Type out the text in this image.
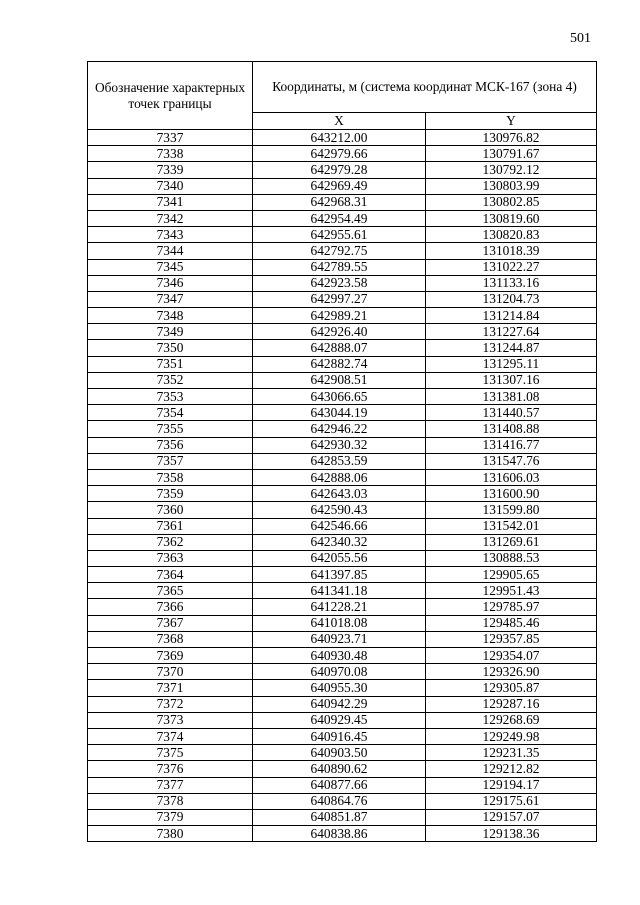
501
Обозначение характерных точек границы	Координаты, м (система координат МСК-167 (зона 4)	
	X	Y
7337	643212.00	130976.82
7338	642979.66	130791.67
7339	642979.28	130792.12
7340	642969.49	130803.99
7341	642968.31	130802.85
7342	642954.49	130819.60
7343	642955.61	130820.83
7344	642792.75	131018.39
7345	642789.55	131022.27
7346	642923.58	131133.16
7347	642997.27	131204.73
7348	642989.21	131214.84
7349	642926.40	131227.64
7350	642888.07	131244.87
7351	642882.74	131295.11
7352	642908.51	131307.16
7353	643066.65	131381.08
7354	643044.19	131440.57
7355	642946.22	131408.88
7356	642930.32	131416.77
7357	642853.59	131547.76
7358	642888.06	131606.03
7359	642643.03	131600.90
7360	642590.43	131599.80
7361	642546.66	131542.01
7362	642340.32	131269.61
7363	642055.56	130888.53
7364	641397.85	129905.65
7365	641341.18	129951.43
7366	641228.21	129785.97
7367	641018.08	129485.46
7368	640923.71	129357.85
7369	640930.48	129354.07
7370	640970.08	129326.90
7371	640955.30	129305.87
7372	640942.29	129287.16
7373	640929.45	129268.69
7374	640916.45	129249.98
7375	640903.50	129231.35
7376	640890.62	129212.82
7377	640877.66	129194.17
7378	640864.76	129175.61
7379	640851.87	129157.07
7380	640838.86	129138.36
